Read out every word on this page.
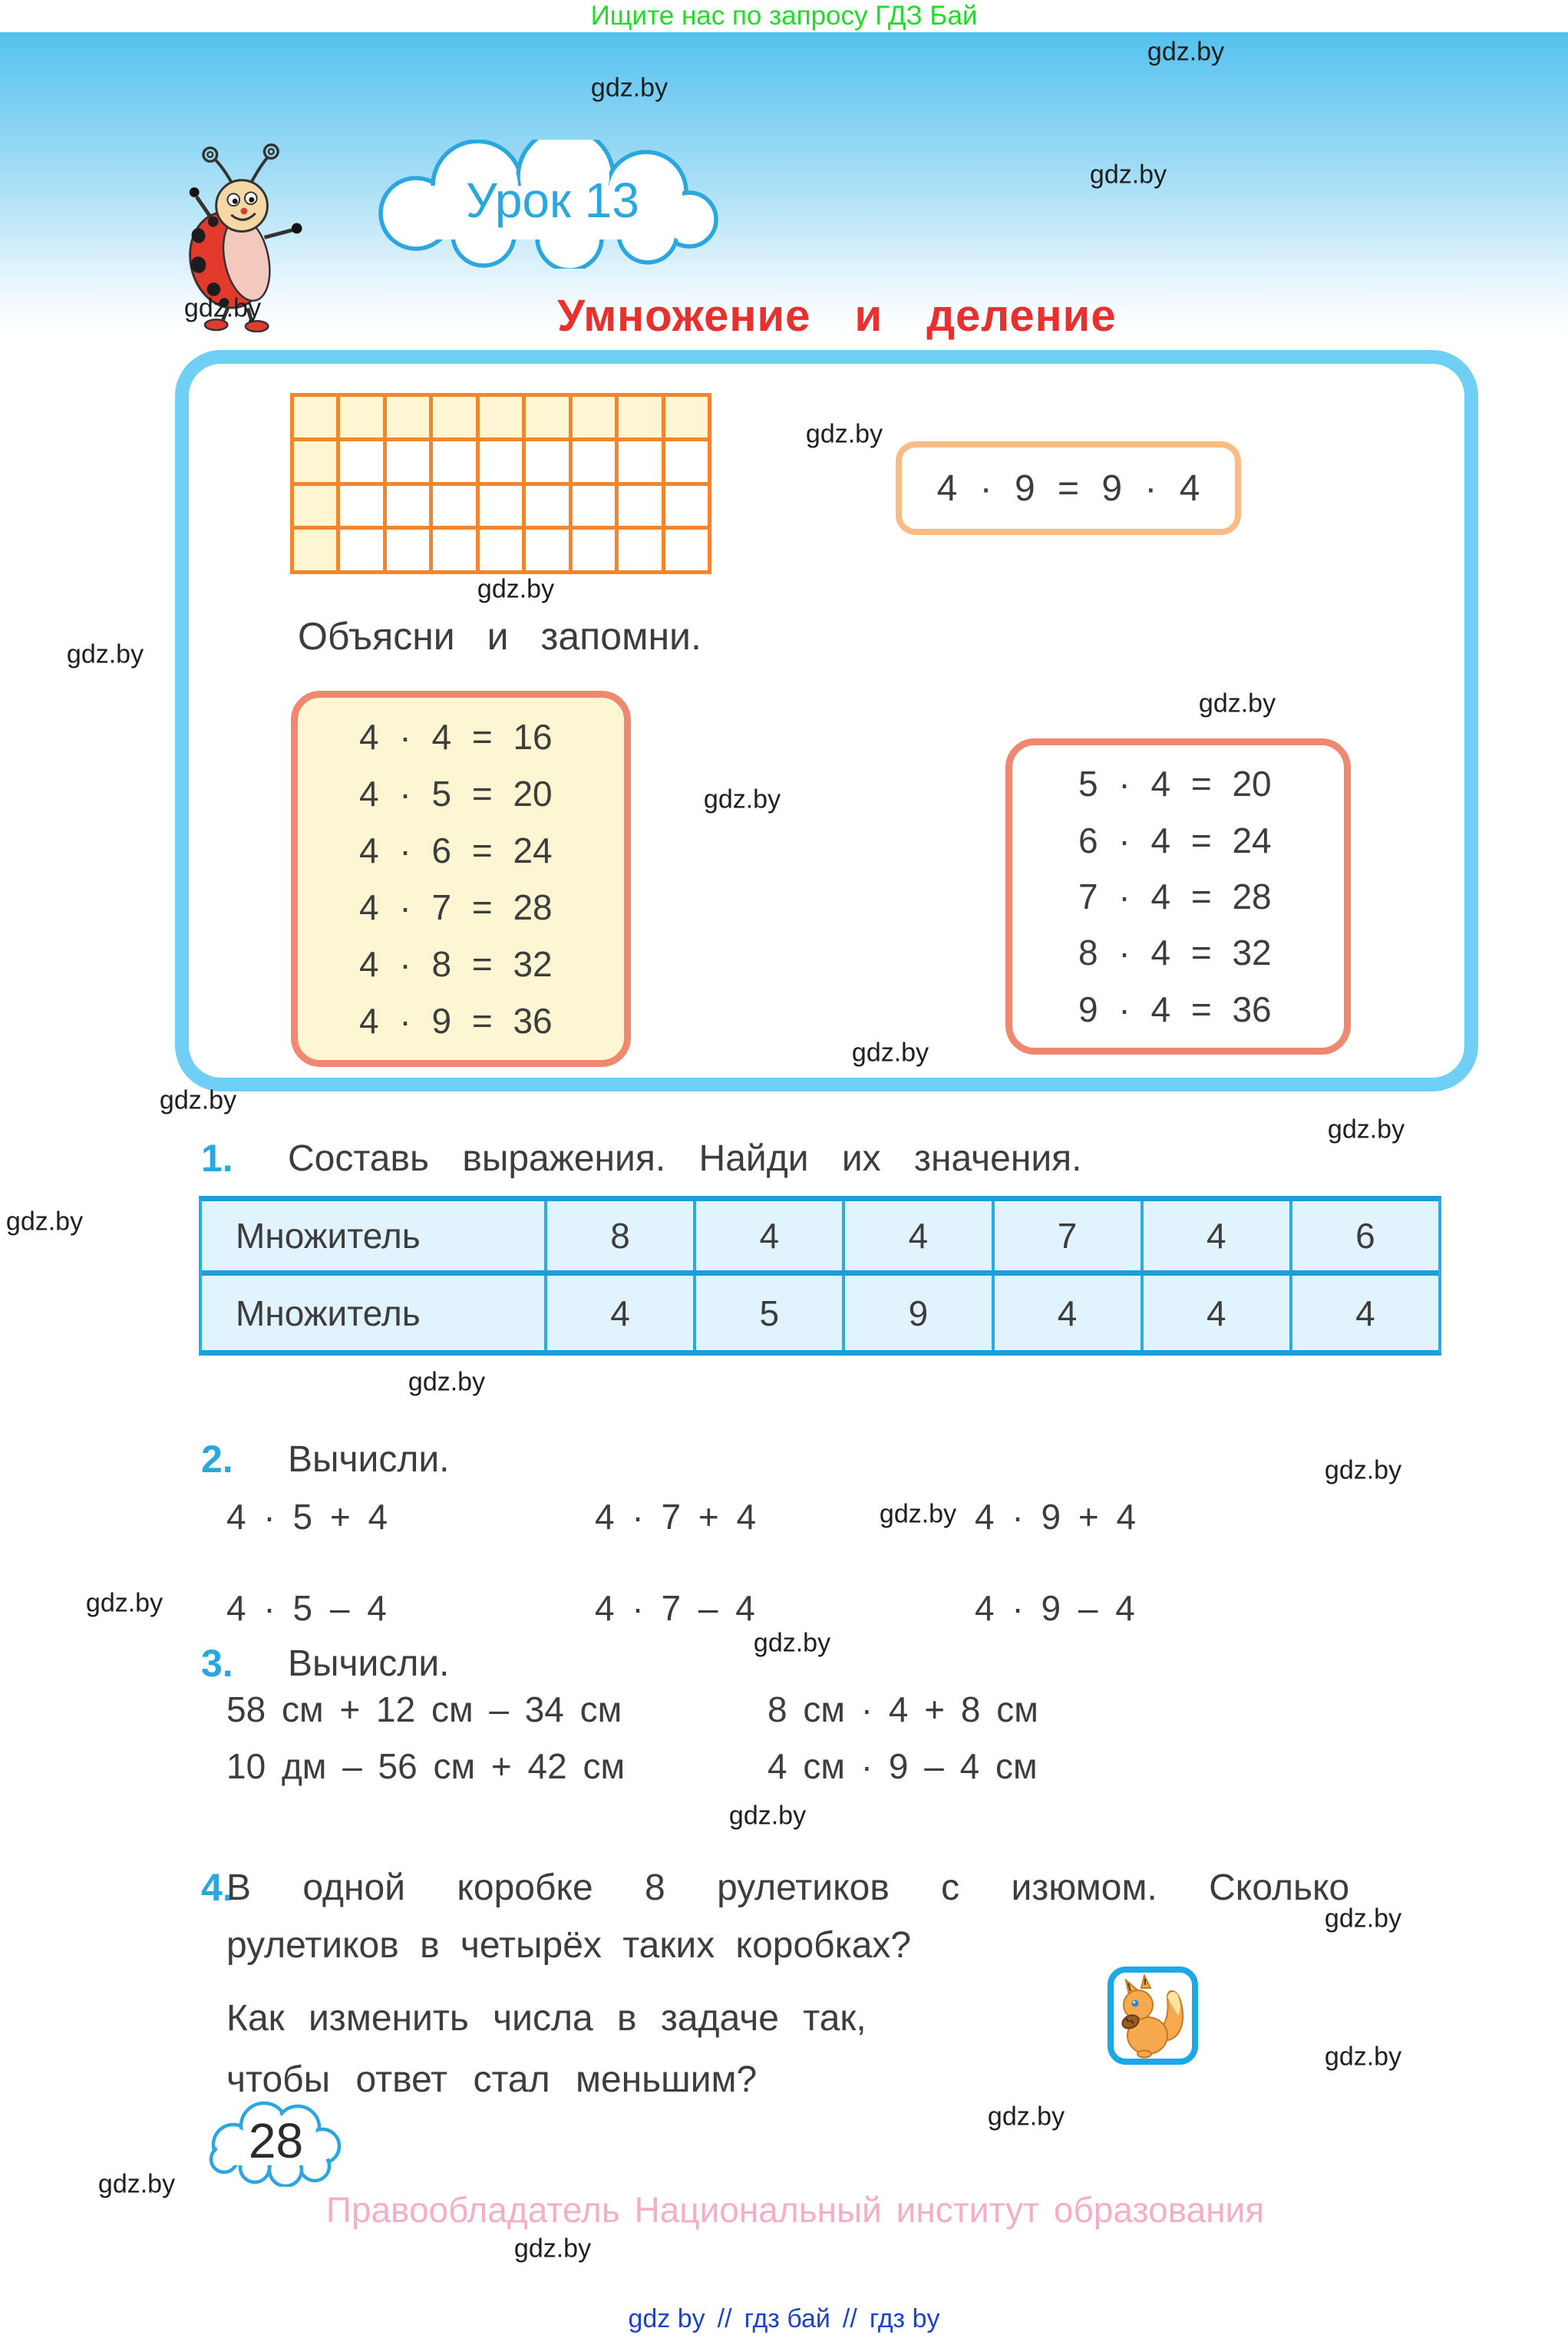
Ищите нас по запросу ГДЗ Бай
Урок 13
Умножение и деление
4 · 9 = 9 · 4
Объясни и запомни.
4 · 4 = 16
4 · 5 = 20
4 · 6 = 24
4 · 7 = 28
4 · 8 = 32
4 · 9 = 36
5 · 4 = 20
6 · 4 = 24
7 · 4 = 28
8 · 4 = 32
9 · 4 = 36
1. Составь выражения. Найди их значения.
Множитель	8	4	4	7	4	6
Множитель	4	5	9	4	4	4
2. Вычисли.
3. Вычисли.
4.
В одной коробке 8 рулетиков с изюмом. Сколько
рулетиков в четырёх таких коробках?
Как изменить числа в задаче так,
чтобы ответ стал меньшим?
28
Правообладатель Национальный институт образования
gdz by // гдз бай // гдз by
gdz.by
gdz.by
gdz.by
gdz.by
gdz.by
gdz.by
gdz.by
gdz.by
gdz.by
gdz.by
gdz.by
gdz.by
gdz.by
gdz.by
gdz.by
gdz.by
gdz.by
gdz.by
gdz.by
gdz.by
gdz.by
gdz.by
gdz.by
gdz.by
4 · 5 + 4	4 · 7 + 4	4 · 9 + 4
4 · 5 – 4	4 · 7 – 4	4 · 9 – 4
58 см + 12 см – 34 см	8 см · 4 + 8 см
10 дм – 56 см + 42 см	4 см · 9 – 4 см
